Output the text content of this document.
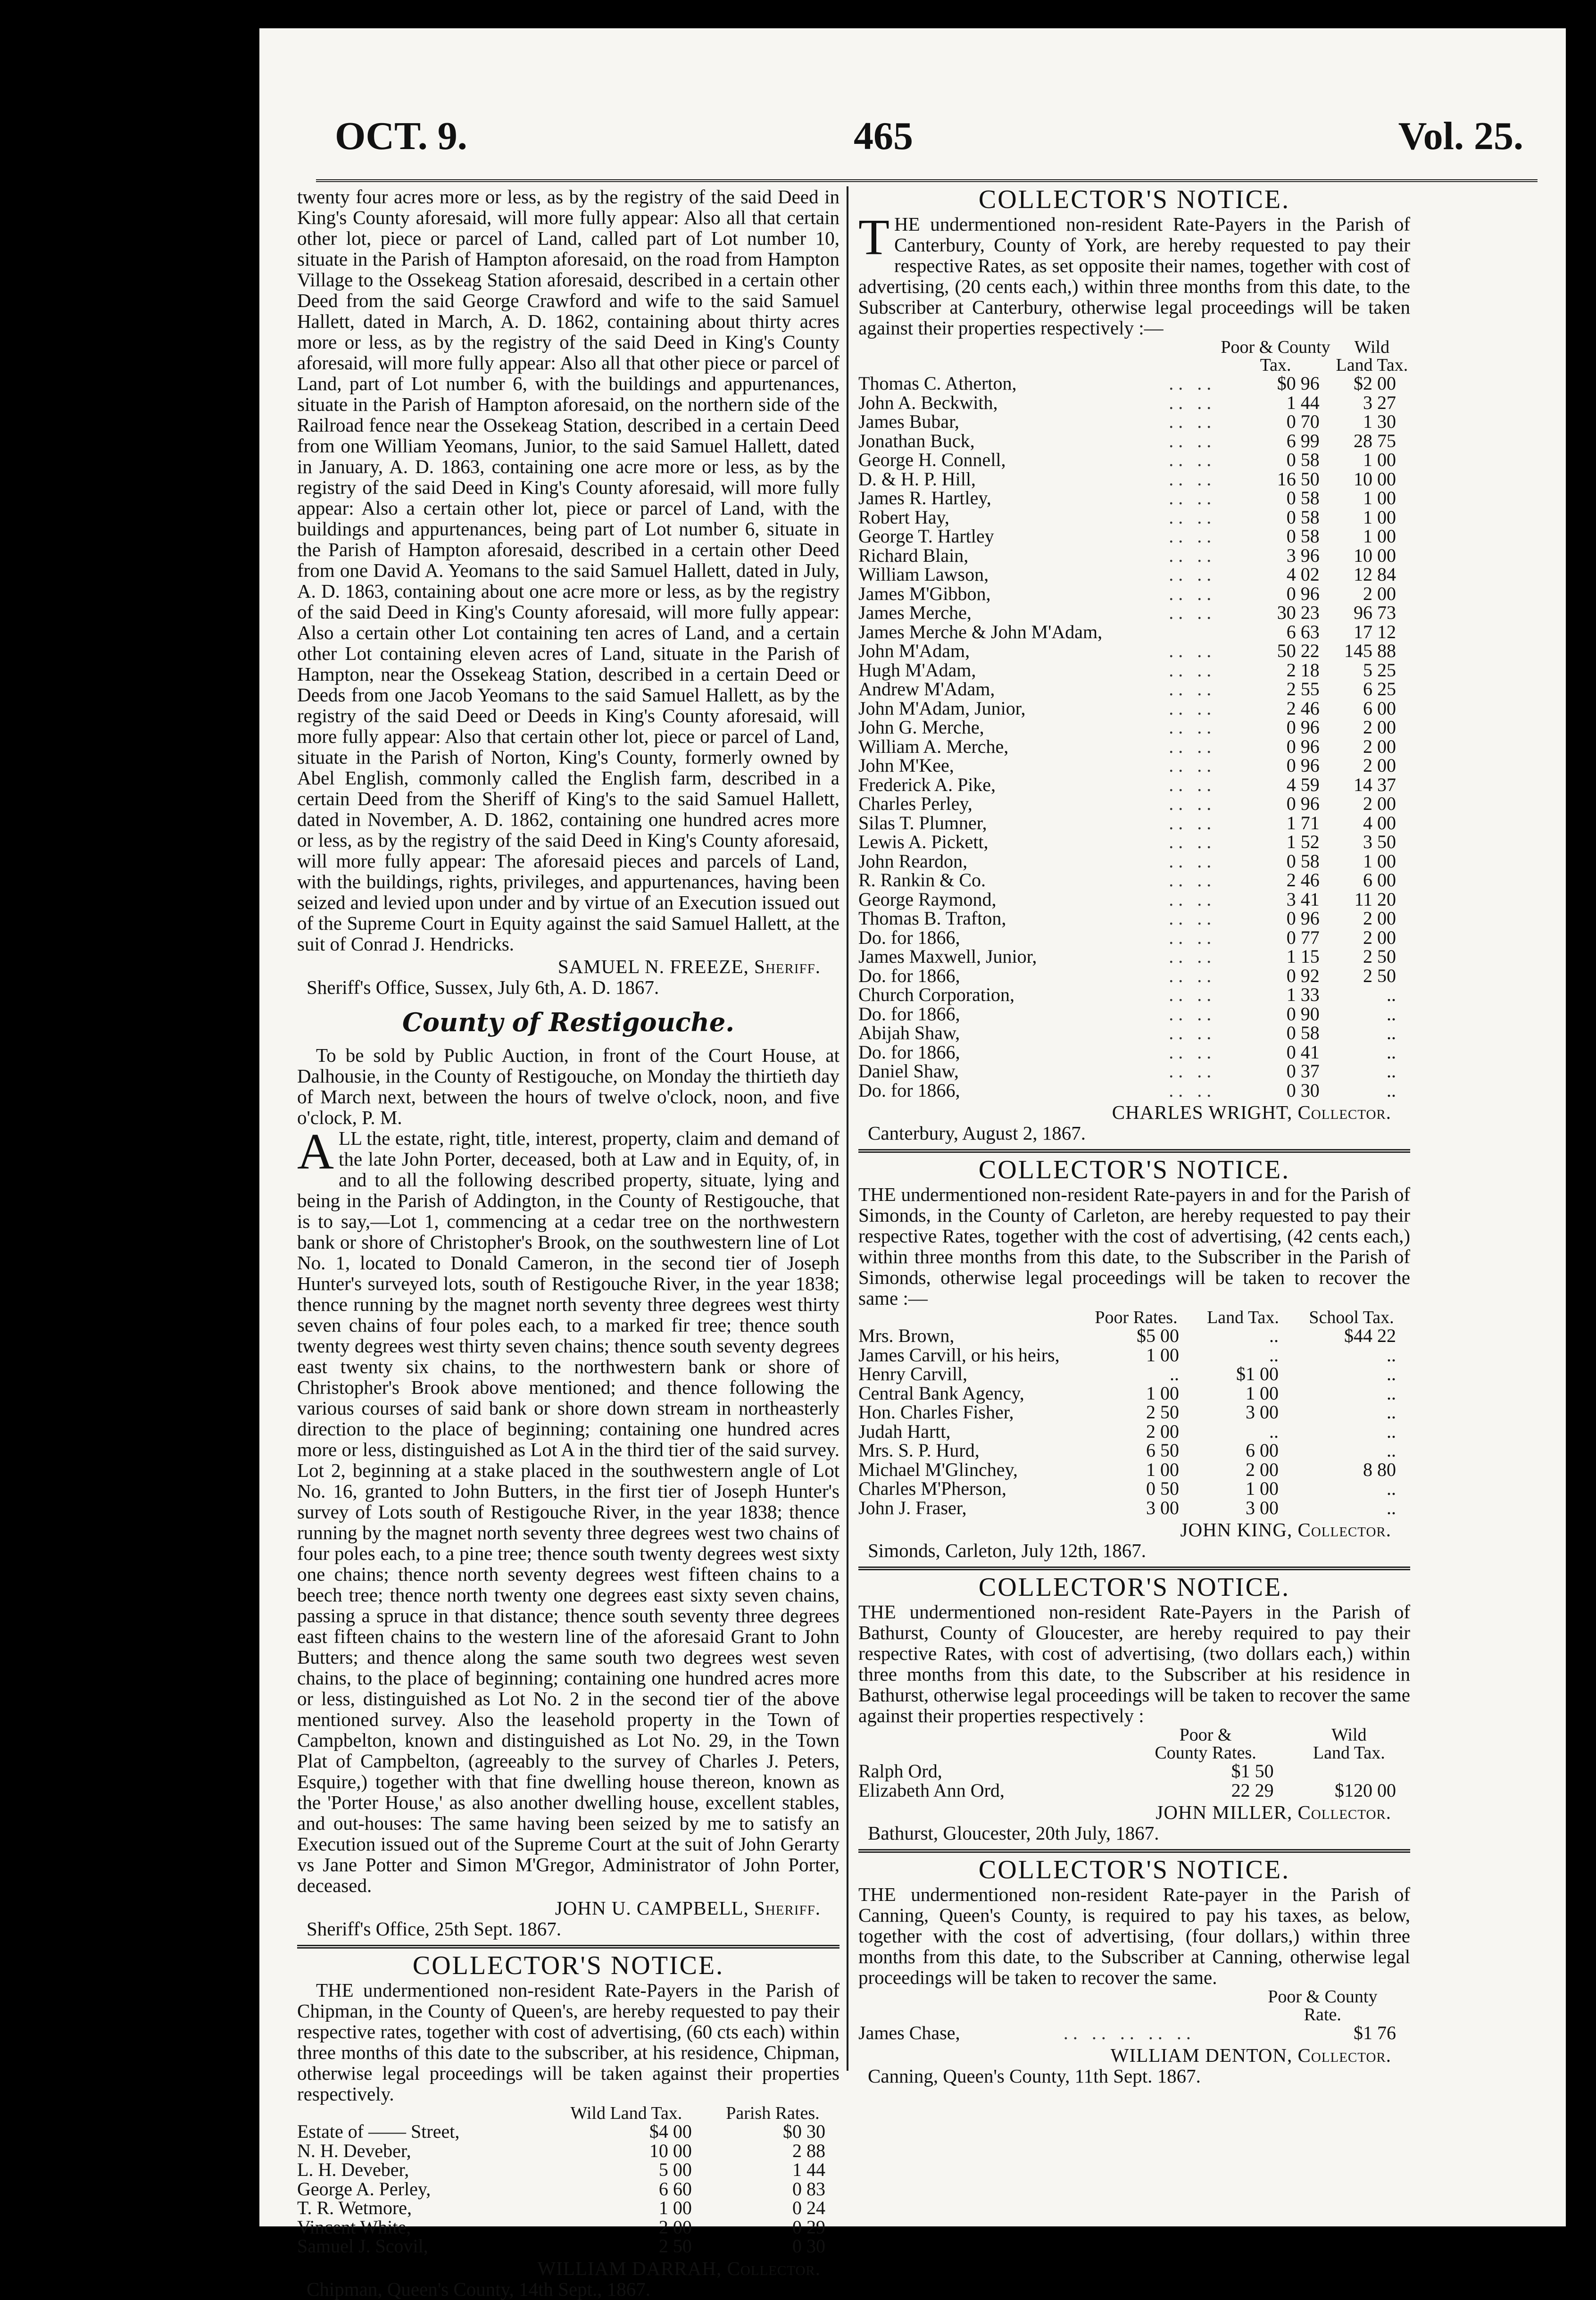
OCT. 9.	465	Vol. 25.

twenty four acres more or less, as by the registry of the said Deed in King's County aforesaid, will more fully appear: Also all that certain other lot, piece or parcel of Land, called part of Lot number 10, situate in the Parish of Hampton aforesaid, on the road from Hampton Village to the Ossekeag Station aforesaid, described in a certain other Deed from the said George Crawford and wife to the said Samuel Hallett, dated in March, A. D. 1862, containing about thirty acres more or less, as by the registry of the said Deed in King's County aforesaid, will more fully appear: Also all that other piece or parcel of Land, part of Lot number 6, with the buildings and appurtenances, situate in the Parish of Hampton aforesaid, on the northern side of the Railroad fence near the Ossekeag Station, described in a certain Deed from one William Yeomans, Junior, to the said Samuel Hallett, dated in January, A. D. 1863, containing one acre more or less, as by the registry of the said Deed in King's County aforesaid, will more fully appear: Also a certain other lot, piece or parcel of Land, with the buildings and appurtenances, being part of Lot number 6, situate in the Parish of Hampton aforesaid, described in a certain other Deed from one David A. Yeomans to the said Samuel Hallett, dated in July, A. D. 1863, containing about one acre more or less, as by the registry of the said Deed in King's County aforesaid, will more fully appear: Also a certain other Lot containing ten acres of Land, and a certain other Lot containing eleven acres of Land, situate in the Parish of Hampton, near the Ossekeag Station, described in a certain Deed or Deeds from one Jacob Yeomans to the said Samuel Hallett, as by the registry of the said Deed or Deeds in King's County aforesaid, will more fully appear: Also that certain other lot, piece or parcel of Land, situate in the Parish of Norton, King's County, formerly owned by Abel English, commonly called the English farm, described in a certain Deed from the Sheriff of King's to the said Samuel Hallett, dated in November, A. D. 1862, containing one hundred acres more or less, as by the registry of the said Deed in King's County aforesaid, will more fully appear: The aforesaid pieces and parcels of Land, with the buildings, rights, privileges, and appurtenances, having been seized and levied upon under and by virtue of an Execution issued out of the Supreme Court in Equity against the said Samuel Hallett, at the suit of Conrad J. Hendricks.

SAMUEL N. FREEZE, Sheriff.

Sheriff's Office, Sussex, July 6th, A. D. 1867.

County of Restigouche.

To be sold by Public Auction, in front of the Court House, at Dalhousie, in the County of Restigouche, on Monday the thirtieth day of March next, between the hours of twelve o'clock, noon, and five o'clock, P. M.

ALL the estate, right, title, interest, property, claim and demand of the late John Porter, deceased, both at Law and in Equity, of, in and to all the following described property, situate, lying and being in the Parish of Addington, in the County of Restigouche, that is to say,—Lot 1, commencing at a cedar tree on the northwestern bank or shore of Christopher's Brook, on the southwestern line of Lot No. 1, located to Donald Cameron, in the second tier of Joseph Hunter's surveyed lots, south of Restigouche River, in the year 1838; thence running by the magnet north seventy three degrees west thirty seven chains of four poles each, to a marked fir tree; thence south twenty degrees west thirty seven chains; thence south seventy degrees east twenty six chains, to the northwestern bank or shore of Christopher's Brook above mentioned; and thence following the various courses of said bank or shore down stream in northeasterly direction to the place of beginning; containing one hundred acres more or less, distinguished as Lot A in the third tier of the said survey. Lot 2, beginning at a stake placed in the southwestern angle of Lot No. 16, granted to John Butters, in the first tier of Joseph Hunter's survey of Lots south of Restigouche River, in the year 1838; thence running by the magnet north seventy three degrees west two chains of four poles each, to a pine tree; thence south twenty degrees west sixty one chains; thence north seventy degrees west fifteen chains to a beech tree; thence north twenty one degrees east sixty seven chains, passing a spruce in that distance; thence south seventy three degrees east fifteen chains to the western line of the aforesaid Grant to John Butters; and thence along the same south two degrees west seven chains, to the place of beginning; containing one hundred acres more or less, distinguished as Lot No. 2 in the second tier of the above mentioned survey. Also the leasehold property in the Town of Campbelton, known and distinguished as Lot No. 29, in the Town Plat of Campbelton, (agreeably to the survey of Charles J. Peters, Esquire,) together with that fine dwelling house thereon, known as the 'Porter House,' as also another dwelling house, excellent stables, and out-houses: The same having been seized by me to satisfy an Execution issued out of the Supreme Court at the suit of John Gerarty vs Jane Potter and Simon M'Gregor, Administrator of John Porter, deceased.

JOHN U. CAMPBELL, Sheriff.

Sheriff's Office, 25th Sept. 1867.

COLLECTOR'S NOTICE.

THE undermentioned non-resident Rate-Payers in the Parish of Chipman, in the County of Queen's, are hereby requested to pay their respective rates, together with cost of advertising, (60 cts each) within three months of this date to the subscriber, at his residence, Chipman, otherwise legal proceedings will be taken against their properties respectively.

	Wild Land Tax.	Parish Rates.
Estate of —— Street,	$4 00	$0 30
N. H. Deveber,	10 00	2 88
L. H. Deveber,	5 00	1 44
George A. Perley,	6 60	0 83
T. R. Wetmore,	1 00	0 24
Vincent White,	2 00	0 29
Samuel J. Scovil,	2 50	0 30

WILLIAM DARRAH, Collector.

Chipman, Queen's County, 14th Sept., 1867.

COLLECTOR'S NOTICE.

THE undermentioned non-resident Rate-Payers in the Parish of Canterbury, County of York, are hereby requested to pay their respective Rates, as set opposite their names, together with cost of advertising, (20 cents each,) within three months from this date, to the Subscriber at Canterbury, otherwise legal proceedings will be taken against their properties respectively :—

		Poor & County	Wild
		Tax.	Land Tax.
Thomas C. Atherton,	.. ..	$0 96	$2 00
John A. Beckwith,	.. ..	1 44	3 27
James Bubar,	.. ..	0 70	1 30
Jonathan Buck,	.. ..	6 99	28 75
George H. Connell,	.. ..	0 58	1 00
D. & H. P. Hill,	.. ..	16 50	10 00
James R. Hartley,	.. ..	0 58	1 00
Robert Hay,	.. ..	0 58	1 00
George T. Hartley	.. ..	0 58	1 00
Richard Blain,	.. ..	3 96	10 00
William Lawson,	.. ..	4 02	12 84
James M'Gibbon,	.. ..	0 96	2 00
James Merche,	.. ..	30 23	96 73
James Merche & John M'Adam,		6 63	17 12
John M'Adam,	.. ..	50 22	145 88
Hugh M'Adam,	.. ..	2 18	5 25
Andrew M'Adam,	.. ..	2 55	6 25
John M'Adam, Junior,	.. ..	2 46	6 00
John G. Merche,	.. ..	0 96	2 00
William A. Merche,	.. ..	0 96	2 00
John M'Kee,	.. ..	0 96	2 00
Frederick A. Pike,	.. ..	4 59	14 37
Charles Perley,	.. ..	0 96	2 00
Silas T. Plumner,	.. ..	1 71	4 00
Lewis A. Pickett,	.. ..	1 52	3 50
John Reardon,	.. ..	0 58	1 00
R. Rankin & Co.	.. ..	2 46	6 00
George Raymond,	.. ..	3 41	11 20
Thomas B. Trafton,	.. ..	0 96	2 00
Do. for 1866,	.. ..	0 77	2 00
James Maxwell, Junior,	.. ..	1 15	2 50
Do. for 1866,	.. ..	0 92	2 50
Church Corporation,	.. ..	1 33	..
Do. for 1866,	.. ..	0 90	..
Abijah Shaw,	.. ..	0 58	..
Do. for 1866,	.. ..	0 41	..
Daniel Shaw,	.. ..	0 37	..
Do. for 1866,	.. ..	0 30	..

CHARLES WRIGHT, Collector.

Canterbury, August 2, 1867.

COLLECTOR'S NOTICE.

THE undermentioned non-resident Rate-payers in and for the Parish of Simonds, in the County of Carleton, are hereby requested to pay their respective Rates, together with the cost of advertising, (42 cents each,) within three months from this date, to the Subscriber in the Parish of Simonds, otherwise legal proceedings will be taken to recover the same :—

	Poor Rates.	Land Tax.	School Tax.
Mrs. Brown,	$5 00	..	$44 22
James Carvill, or his heirs,	1 00	..	..
Henry Carvill,	..	$1 00	..
Central Bank Agency,	1 00	1 00	..
Hon. Charles Fisher,	2 50	3 00	..
Judah Hartt,	2 00	..	..
Mrs. S. P. Hurd,	6 50	6 00	..
Michael M'Glinchey,	1 00	2 00	8 80
Charles M'Pherson,	0 50	1 00	..
John J. Fraser,	3 00	3 00	..

JOHN KING, Collector.

Simonds, Carleton, July 12th, 1867.

COLLECTOR'S NOTICE.

THE undermentioned non-resident Rate-Payers in the Parish of Bathurst, County of Gloucester, are hereby required to pay their respective Rates, with cost of advertising, (two dollars each,) within three months from this date, to the Subscriber at his residence in Bathurst, otherwise legal proceedings will be taken to recover the same against their properties respectively :

	Poor &	Wild
	County Rates.	Land Tax.
Ralph Ord,	$1 50	
Elizabeth Ann Ord,	22 29	$120 00

JOHN MILLER, Collector.

Bathurst, Gloucester, 20th July, 1867.

COLLECTOR'S NOTICE.

THE undermentioned non-resident Rate-payer in the Parish of Canning, Queen's County, is required to pay his taxes, as below, together with the cost of advertising, (four dollars,) within three months from this date, to the Subscriber at Canning, otherwise legal proceedings will be taken to recover the same.

		Poor & County
		Rate.
James Chase,	.. .. .. .. ..	$1 76

WILLIAM DENTON, Collector.

Canning, Queen's County, 11th Sept. 1867.
